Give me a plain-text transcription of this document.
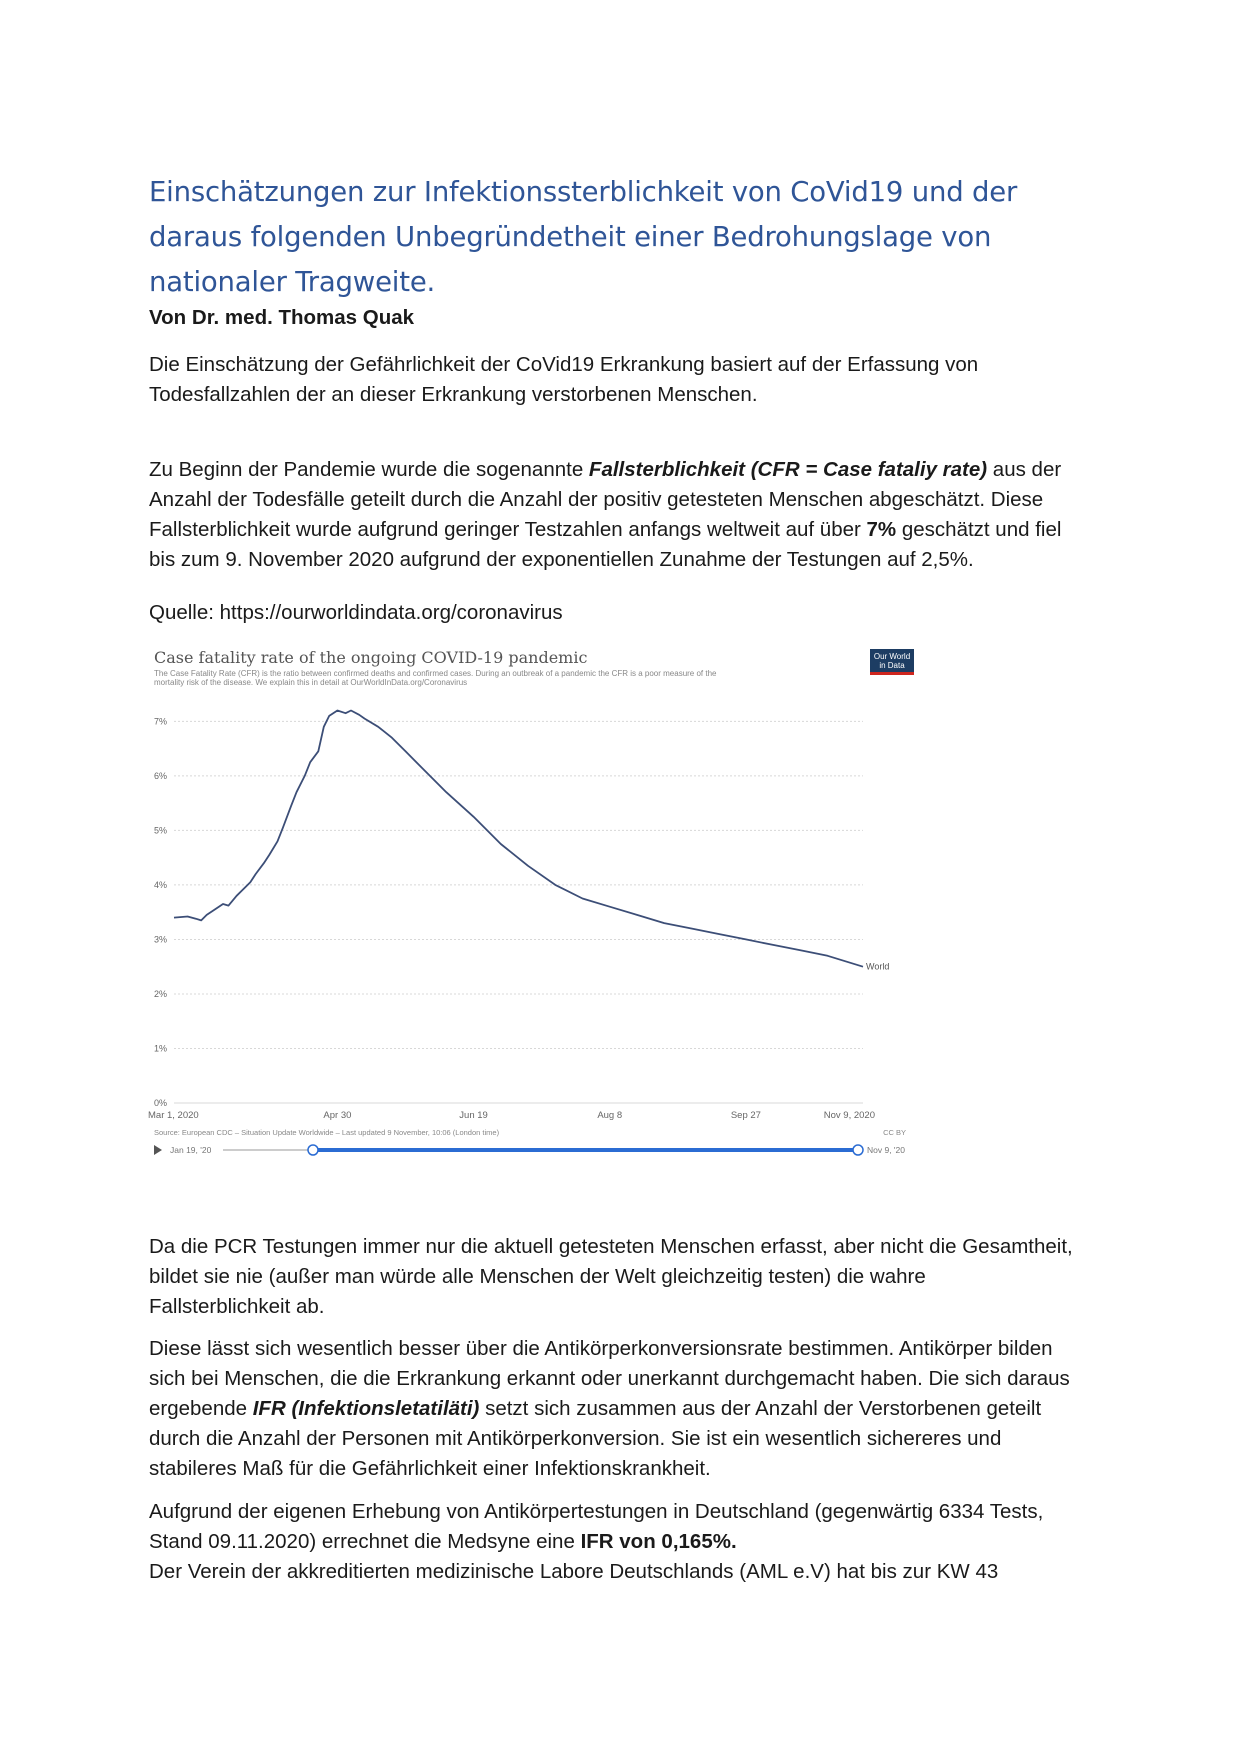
Einschätzungen zur Infektionssterblichkeit von CoVid19 und der
daraus folgenden Unbegründetheit einer Bedrohungslage von
nationaler Tragweite.

Von Dr. med. Thomas Quak

Die Einschätzung der Gefährlichkeit der CoVid19 Erkrankung basiert auf der Erfassung von
Todesfallzahlen der an dieser Erkrankung verstorbenen Menschen.

Zu Beginn der Pandemie wurde die sogenannte Fallsterblichkeit (CFR = Case fataliy rate) aus der
Anzahl der Todesfälle geteilt durch die Anzahl der positiv getesteten Menschen abgeschätzt. Diese
Fallsterblichkeit wurde aufgrund geringer Testzahlen anfangs weltweit auf über 7% geschätzt und fiel
bis zum 9. November 2020 aufgrund der exponentiellen Zunahme der Testungen auf 2,5%.

Quelle: https://ourworldindata.org/coronavirus

Case fatality rate of the ongoing COVID-19 pandemic
The Case Fatality Rate (CFR) is the ratio between confirmed deaths and confirmed cases. During an outbreak of a pandemic the CFR is a poor measure of the
mortality risk of the disease. We explain this in detail at OurWorldInData.org/Coronavirus
0%
1%
2%
3%
4%
5%
6%
7%
Mar 1, 2020	Apr 30	Jun 19	Aug 8	Sep 27	Nov 9, 2020
World
Source: European CDC – Situation Update Worldwide – Last updated 9 November, 10:06 (London time)	CC BY
Jan 19, '20	Nov 9, '20
Our World
in Data

Da die PCR Testungen immer nur die aktuell getesteten Menschen erfasst, aber nicht die Gesamtheit,
bildet sie nie (außer man würde alle Menschen der Welt gleichzeitig testen) die wahre
Fallsterblichkeit ab.

Diese lässt sich wesentlich besser über die Antikörperkonversionsrate bestimmen. Antikörper bilden
sich bei Menschen, die die Erkrankung erkannt oder unerkannt durchgemacht haben. Die sich daraus
ergebende IFR (Infektionsletatiläti) setzt sich zusammen aus der Anzahl der Verstorbenen geteilt
durch die Anzahl der Personen mit Antikörperkonversion. Sie ist ein wesentlich sichereres und
stabileres Maß für die Gefährlichkeit einer Infektionskrankheit.

Aufgrund der eigenen Erhebung von Antikörpertestungen in Deutschland (gegenwärtig 6334 Tests,
Stand 09.11.2020) errechnet die Medsyne eine IFR von 0,165%.
Der Verein der akkreditierten medizinische Labore Deutschlands (AML e.V) hat bis zur KW 43
